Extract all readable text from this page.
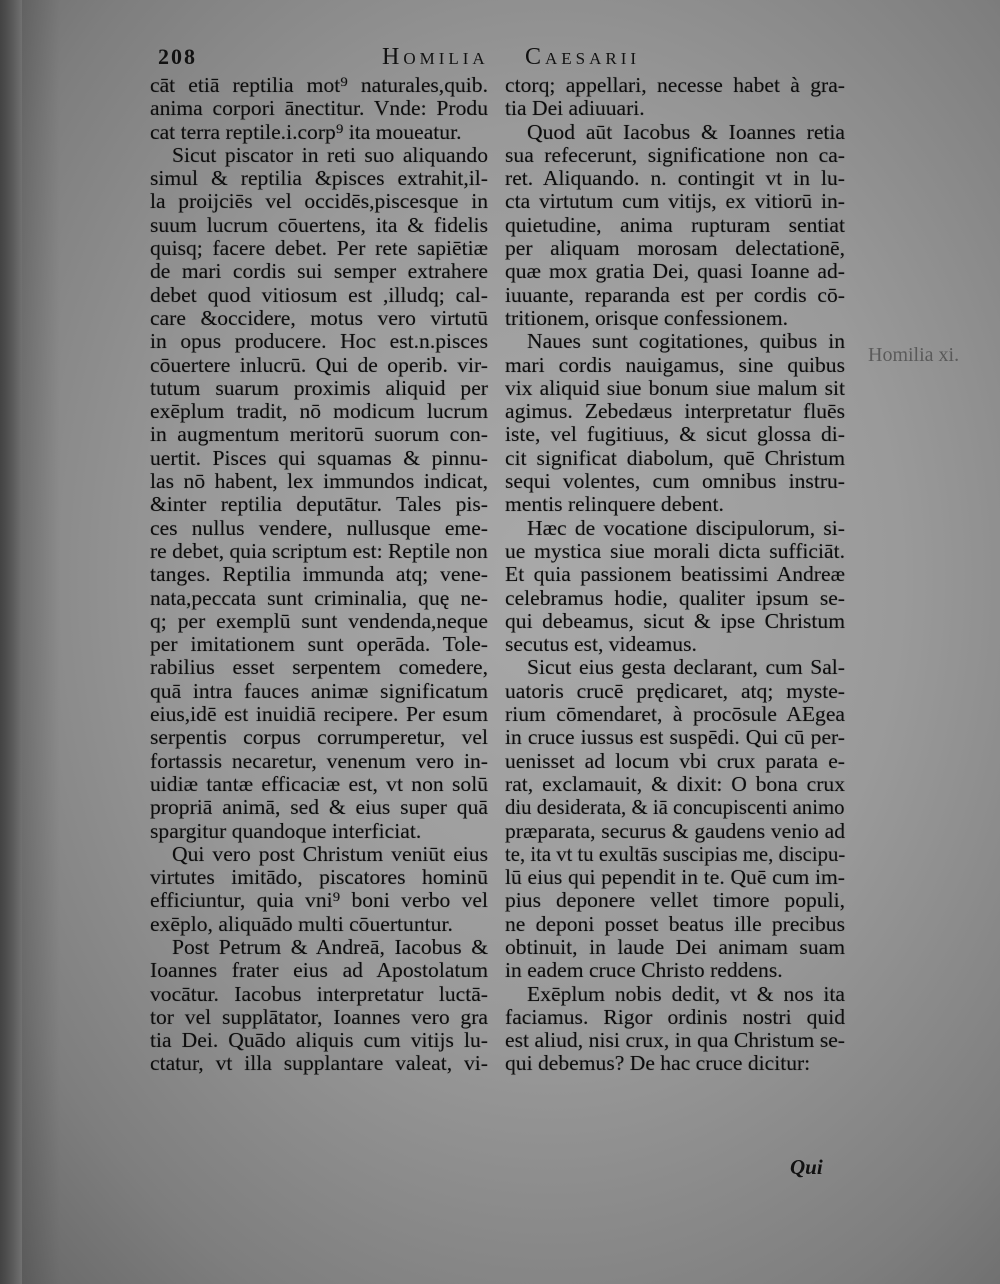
208	Homilia Caesarii
Homilia xi.
cāt etiā reptilia mot⁹ naturales,quib.
anima corpori ānectitur. Vnde: Produ
cat terra reptile.i.corp⁹ ita moueatur.
Sicut piscator in reti suo aliquando
simul & reptilia &pisces extrahit,il-
la proijciēs vel occidēs,piscesque in
suum lucrum cōuertens, ita & fidelis
quisq; facere debet. Per rete sapiētiæ
de mari cordis sui semper extrahere
debet quod vitiosum est ,illudq; cal-
care &occidere, motus vero virtutū
in opus producere. Hoc est.n.pisces
cōuertere inlucrū. Qui de operib. vir-
tutum suarum proximis aliquid per
exēplum tradit, nō modicum lucrum
in augmentum meritorū suorum con-
uertit. Pisces qui squamas & pinnu-
las nō habent, lex immundos indicat,
&inter reptilia deputātur. Tales pis-
ces nullus vendere, nullusque eme-
re debet, quia scriptum est: Reptile non
tanges. Reptilia immunda atq; vene-
nata,peccata sunt criminalia, quę ne-
q; per exemplū sunt vendenda,neque
per imitationem sunt operāda. Tole-
rabilius esset serpentem comedere,
quā intra fauces animæ significatum
eius,idē est inuidiā recipere. Per esum
serpentis corpus corrumperetur, vel
fortassis necaretur, venenum vero in-
uidiæ tantæ efficaciæ est, vt non solū
propriā animā, sed & eius super quā
spargitur quandoque interficiat.
Qui vero post Christum veniūt eius
virtutes imitādo, piscatores hominū
efficiuntur, quia vni⁹ boni verbo vel
exēplo, aliquādo multi cōuertuntur.
Post Petrum & Andreā, Iacobus &
Ioannes frater eius ad Apostolatum
vocātur. Iacobus interpretatur luctā-
tor vel supplātator, Ioannes vero gra
tia Dei. Quādo aliquis cum vitijs lu-
ctatur, vt illa supplantare valeat, vi-
ctorq; appellari, necesse habet à gra-
tia Dei adiuuari.
Quod aūt Iacobus & Ioannes retia
sua refecerunt, significatione non ca-
ret. Aliquando. n. contingit vt in lu-
cta virtutum cum vitijs, ex vitiorū in-
quietudine, anima rupturam sentiat
per aliquam morosam delectationē,
quæ mox gratia Dei, quasi Ioanne ad-
iuuante, reparanda est per cordis cō-
tritionem, orisque confessionem.
Naues sunt cogitationes, quibus in
mari cordis nauigamus, sine quibus
vix aliquid siue bonum siue malum sit
agimus. Zebedæus interpretatur fluēs
iste, vel fugitiuus, & sicut glossa di-
cit significat diabolum, quē Christum
sequi volentes, cum omnibus instru-
mentis relinquere debent.
Hæc de vocatione discipulorum, si-
ue mystica siue morali dicta sufficiāt.
Et quia passionem beatissimi Andreæ
celebramus hodie, qualiter ipsum se-
qui debeamus, sicut & ipse Christum
secutus est, videamus.
Sicut eius gesta declarant, cum Sal-
uatoris crucē prędicaret, atq; myste-
rium cōmendaret, à procōsule AEgea
in cruce iussus est suspēdi. Qui cū per-
uenisset ad locum vbi crux parata e-
rat, exclamauit, & dixit: O bona crux
diu desiderata, & iā concupiscenti animo
præparata, securus & gaudens venio ad
te, ita vt tu exultās suscipias me, discipu-
lū eius qui pependit in te. Quē cum im-
pius deponere vellet timore populi,
ne deponi posset beatus ille precibus
obtinuit, in laude Dei animam suam
in eadem cruce Christo reddens.
Exēplum nobis dedit, vt & nos ita
faciamus. Rigor ordinis nostri quid
est aliud, nisi crux, in qua Christum se-
qui debemus? De hac cruce dicitur:
Qui
